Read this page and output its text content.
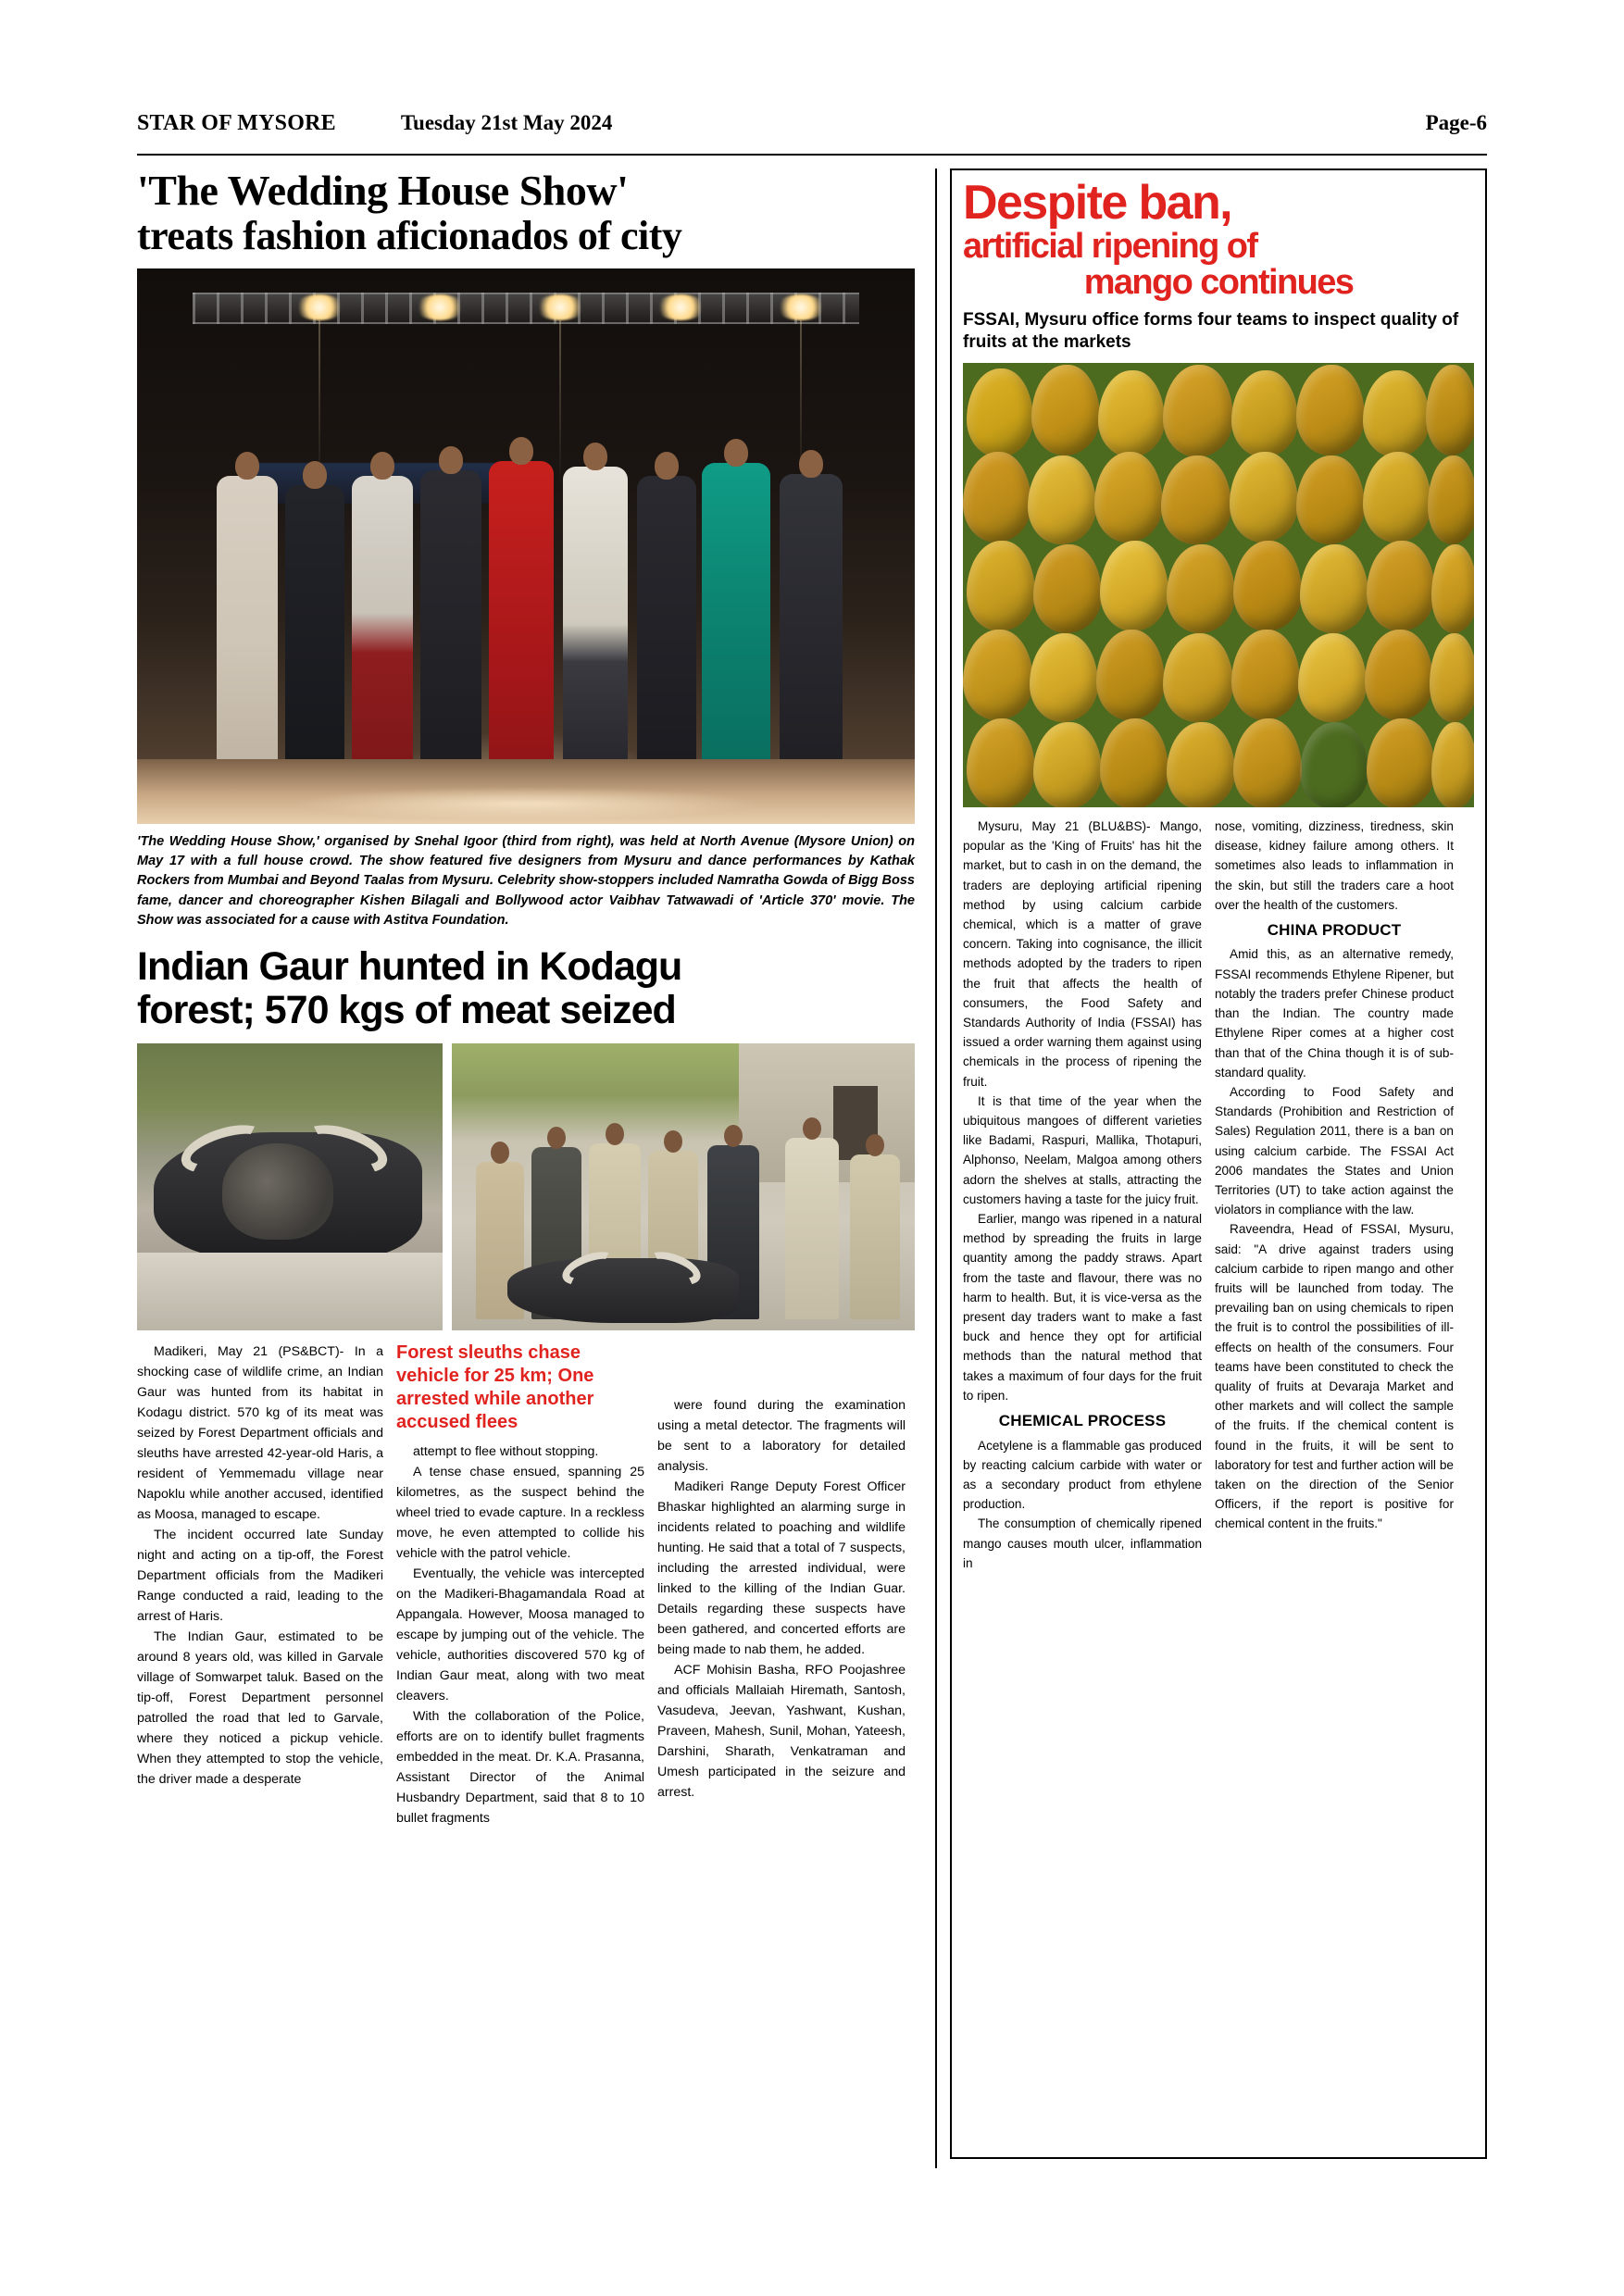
STAR OF MYSORE	Tuesday 21st May 2024	Page-6
'The Wedding House Show'
treats fashion aficionados of city
'The Wedding House Show,' organised by Snehal Igoor (third from right), was held at North Avenue (Mysore Union) on May 17 with a full house crowd. The show featured five designers from Mysuru and dance performances by Kathak Rockers from Mumbai and Beyond Taalas from Mysuru. Celebrity show-stoppers included Namratha Gowda of Bigg Boss fame, dancer and choreographer Kishen Bilagali and Bollywood actor Vaibhav Tatwawadi of 'Article 370' movie. The Show was associated for a cause with Astitva Foundation.
Indian Gaur hunted in Kodagu
forest; 570 kgs of meat seized

Madikeri, May 21 (PS&BCT)- In a shocking case of wildlife crime, an Indian Gaur was hunted from its habitat in Kodagu district. 570 kg of its meat was seized by Forest Department officials and sleuths have arrested 42-year-old Haris, a resident of Yemmemadu village near Napoklu while another accused, identified as Moosa, managed to escape.

The incident occurred late Sunday night and acting on a tip-off, the Forest Department officials from the Madikeri Range conducted a raid, leading to the arrest of Haris.

The Indian Gaur, estimated to be around 8 years old, was killed in Garvale village of Somwarpet taluk. Based on the tip-off, Forest Department personnel patrolled the road that led to Garvale, where they noticed a pickup vehicle. When they attempted to stop the vehicle, the driver made a desperate

Forest sleuths chase vehicle for 25 km; One arrested while another accused flees

attempt to flee without stopping.

A tense chase ensued, spanning 25 kilometres, as the suspect behind the wheel tried to evade capture. In a reckless move, he even attempted to collide his vehicle with the patrol vehicle.

Eventually, the vehicle was intercepted on the Madikeri-Bhagamandala Road at Appangala. However, Moosa managed to escape by jumping out of the vehicle. The vehicle, authorities discovered 570 kg of Indian Gaur meat, along with two meat cleavers.

With the collaboration of the Police, efforts are on to identify bullet fragments embedded in the meat. Dr. K.A. Prasanna, Assistant Director of the Animal Husbandry Department, said that 8 to 10 bullet fragments

were found during the examination using a metal detector. The fragments will be sent to a laboratory for detailed analysis.

Madikeri Range Deputy Forest Officer Bhaskar highlighted an alarming surge in incidents related to poaching and wildlife hunting. He said that a total of 7 suspects, including the arrested individual, were linked to the killing of the Indian Guar. Details regarding these suspects have been gathered, and concerted efforts are being made to nab them, he added.

ACF Mohisin Basha, RFO Poojashree and officials Mallaiah Hiremath, Santosh, Vasudeva, Jeevan, Yashwant, Kushan, Praveen, Mahesh, Sunil, Mohan, Yateesh, Darshini, Sharath, Venkatraman and Umesh participated in the seizure and arrest.

Despite ban,
artificial ripening of
mango continues
FSSAI, Mysuru office forms four teams to inspect quality of fruits at the markets

Mysuru, May 21 (BLU&BS)- Mango, popular as the 'King of Fruits' has hit the market, but to cash in on the demand, the traders are deploying artificial ripening method by using calcium carbide chemical, which is a matter of grave concern. Taking into cognisance, the illicit methods adopted by the traders to ripen the fruit that affects the health of consumers, the Food Safety and Standards Authority of India (FSSAI) has issued a order warning them against using chemicals in the process of ripening the fruit.

It is that time of the year when the ubiquitous mangoes of different varieties like Badami, Raspuri, Mallika, Thotapuri, Alphonso, Neelam, Malgoa among others adorn the shelves at stalls, attracting the customers having a taste for the juicy fruit.

Earlier, mango was ripened in a natural method by spreading the fruits in large quantity among the paddy straws. Apart from the taste and flavour, there was no harm to health. But, it is vice-versa as the present day traders want to make a fast buck and hence they opt for artificial methods than the natural method that takes a maximum of four days for the fruit to ripen.

CHEMICAL PROCESS

Acetylene is a flammable gas produced by reacting calcium carbide with water or as a secondary product from ethylene production.

The consumption of chemically ripened mango causes mouth ulcer, inflammation in

nose, vomiting, dizziness, tiredness, skin disease, kidney failure among others. It sometimes also leads to inflammation in the skin, but still the traders care a hoot over the health of the customers.

CHINA PRODUCT

Amid this, as an alternative remedy, FSSAI recommends Ethylene Ripener, but notably the traders prefer Chinese product than the Indian. The country made Ethylene Riper comes at a higher cost than that of the China though it is of sub-standard quality.

According to Food Safety and Standards (Prohibition and Restriction of Sales) Regulation 2011, there is a ban on using calcium carbide. The FSSAI Act 2006 mandates the States and Union Territories (UT) to take action against the violators in compliance with the law.

Raveendra, Head of FSSAI, Mysuru, said: "A drive against traders using calcium carbide to ripen mango and other fruits will be launched from today. The prevailing ban on using chemicals to ripen the fruit is to control the possibilities of ill-effects on health of the consumers. Four teams have been constituted to check the quality of fruits at Devaraja Market and other markets and will collect the sample of the fruits. If the chemical content is found in the fruits, it will be sent to laboratory for test and further action will be taken on the direction of the Senior Officers, if the report is positive for chemical content in the fruits."
